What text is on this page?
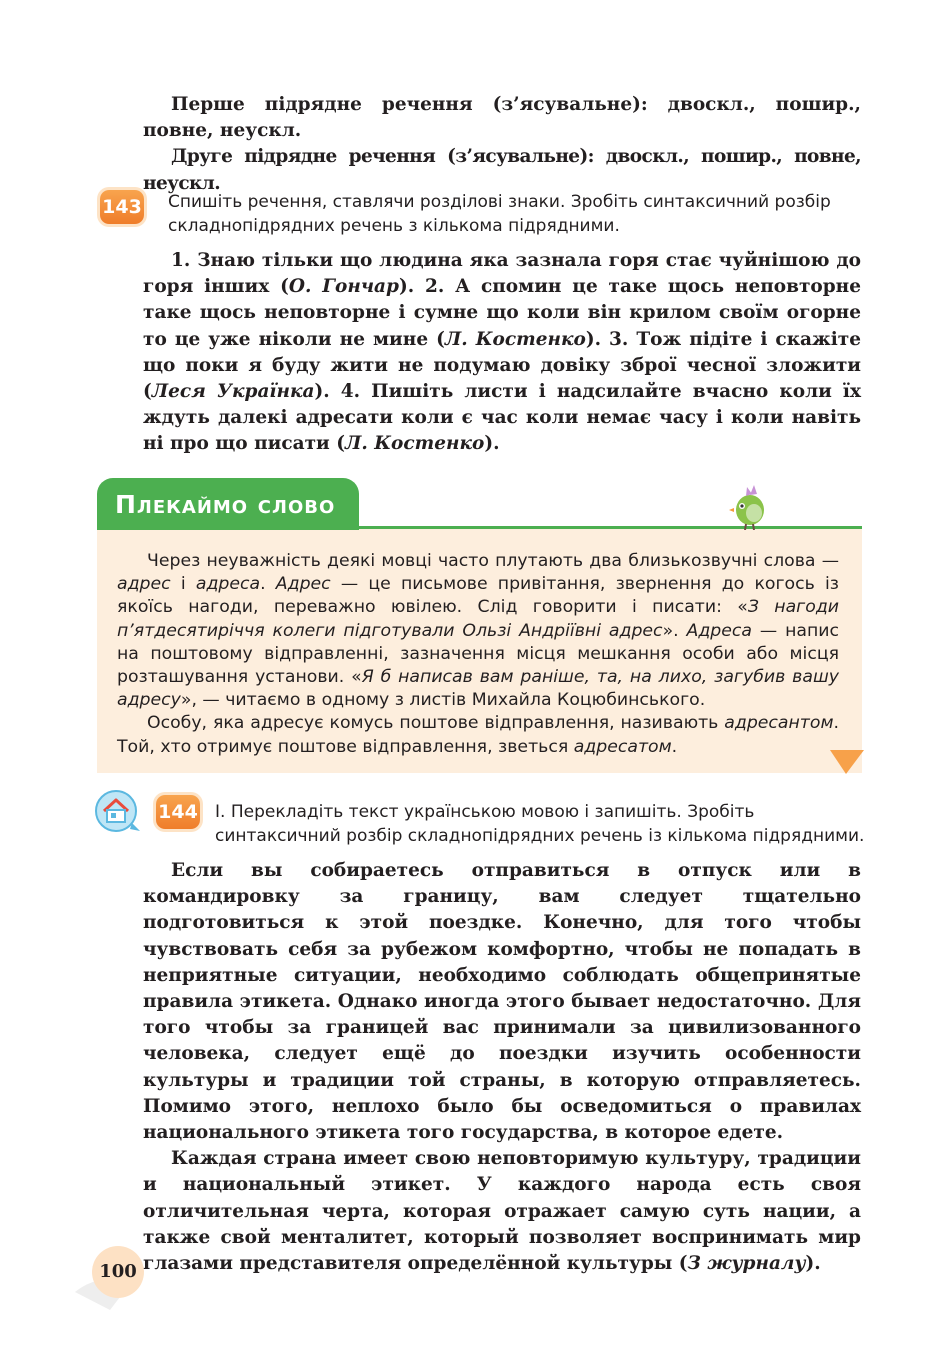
Перше підрядне речення (з’ясувальне): двоскл., пошир., повне, неускл.

Друге підрядне речення (з’ясувальне): двоскл., пошир., повне, неускл.

143 Спишіть речення, ставлячи розділові знаки. Зробіть синтаксичний розбір складнопідрядних речень з кількома підрядними.

1. Знаю тільки що людина яка зазнала горя стає чуйнішою до горя інших (О. Гончар). 2. А спомин це таке щось неповторне таке щось неповторне і сумне що коли він крилом своїм огорне то це уже ніколи не мине (Л. Костенко). 3. Тож підіте і скажіте що поки я буду жити не подумаю довіку зброї чесної зложити (Леся Українка). 4. Пишіть листи і надсилайте вчасно коли їх ждуть далекі адресати коли є час коли немає часу і коли навіть ні про що писати (Л. Костенко).

Плекаймо слово

Через неуважність деякі мовці часто плутають два близькозвучні слова — адрес і адреса. Адрес — це письмове привітання, звернення до когось із якоїсь нагоди, переважно ювілею. Слід говорити і писати: «З нагоди п’ятдесятиріччя колеги підготували Ользі Андріївні адрес». Адреса — напис на поштовому відправленні, зазначення місця мешкання особи або місця розташування установи. «Я б написав вам раніше, та, на лихо, загубив вашу адресу», — читаємо в одному з листів Михайла Коцюбинського.

Особу, яка адресує комусь поштове відправлення, називають адресантом. Той, хто отримує поштове відправлення, зветься адресатом.

144 І. Перекладіть текст українською мовою і запишіть. Зробіть синтаксичний розбір складнопідрядних речень із кількома підрядними.

Если вы собираетесь отправиться в отпуск или в командировку за границу, вам следует тщательно подготовиться к этой поездке. Конечно, для того чтобы чувствовать себя за рубежом комфортно, чтобы не попадать в неприятные ситуации, необходимо соблюдать общепринятые правила этикета. Однако иногда этого бывает недостаточно. Для того чтобы за границей вас принимали за цивилизованного человека, следует ещё до поездки изучить особенности культуры и традиции той страны, в которую отправляетесь. Помимо этого, неплохо было бы осведомиться о правилах национального этикета того государства, в которое едете.

Каждая страна имеет свою неповторимую культуру, традиции и национальный этикет. У каждого народа есть своя отличительная черта, которая отражает самую суть нации, а также свой менталитет, который позволяет воспринимать мир глазами представителя определённой культуры (З журналу).

100
